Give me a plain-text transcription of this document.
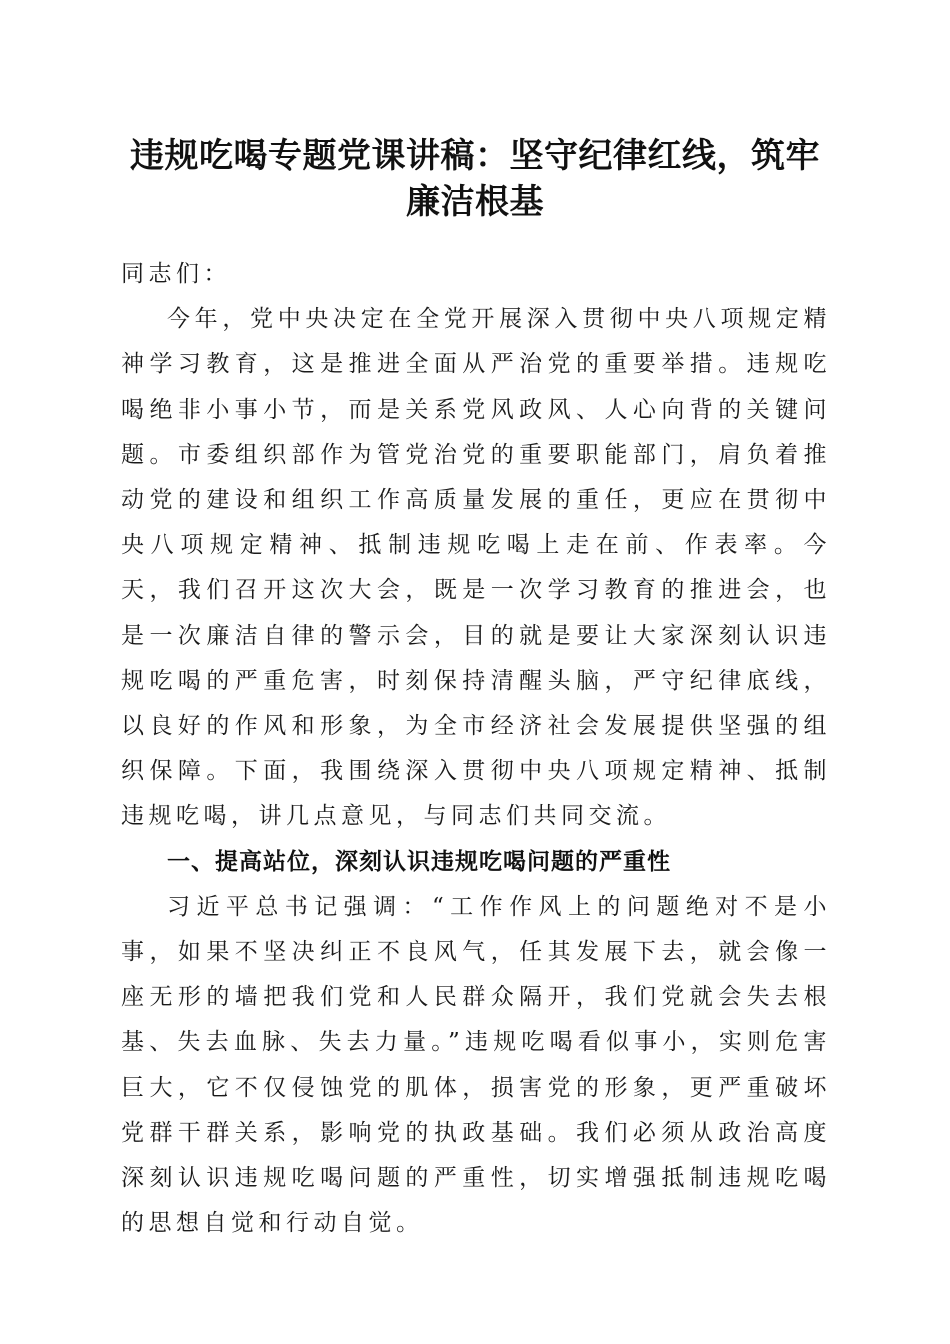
违规吃喝专题党课讲稿：坚守纪律红线，筑牢
廉洁根基

同志们：

今年，党中央决定在全党开展深入贯彻中央八项规定精神学习教育，这是推进全面从严治党的重要举措。违规吃喝绝非小事小节，而是关系党风政风、人心向背的关键问题。市委组织部作为管党治党的重要职能部门，肩负着推动党的建设和组织工作高质量发展的重任，更应在贯彻中央八项规定精神、抵制违规吃喝上走在前、作表率。今天，我们召开这次大会，既是一次学习教育的推进会，也是一次廉洁自律的警示会，目的就是要让大家深刻认识违规吃喝的严重危害，时刻保持清醒头脑，严守纪律底线，以良好的作风和形象，为全市经济社会发展提供坚强的组织保障。下面，我围绕深入贯彻中央八项规定精神、抵制违规吃喝，讲几点意见，与同志们共同交流。

一、提高站位，深刻认识违规吃喝问题的严重性

习近平总书记强调：“工作作风上的问题绝对不是小事，如果不坚决纠正不良风气，任其发展下去，就会像一座无形的墙把我们党和人民群众隔开，我们党就会失去根基、失去血脉、失去力量。”违规吃喝看似事小，实则危害巨大，它不仅侵蚀党的肌体，损害党的形象，更严重破坏党群干群关系，影响党的执政基础。我们必须从政治高度深刻认识违规吃喝问题的严重性，切实增强抵制违规吃喝的思想自觉和行动自觉。
